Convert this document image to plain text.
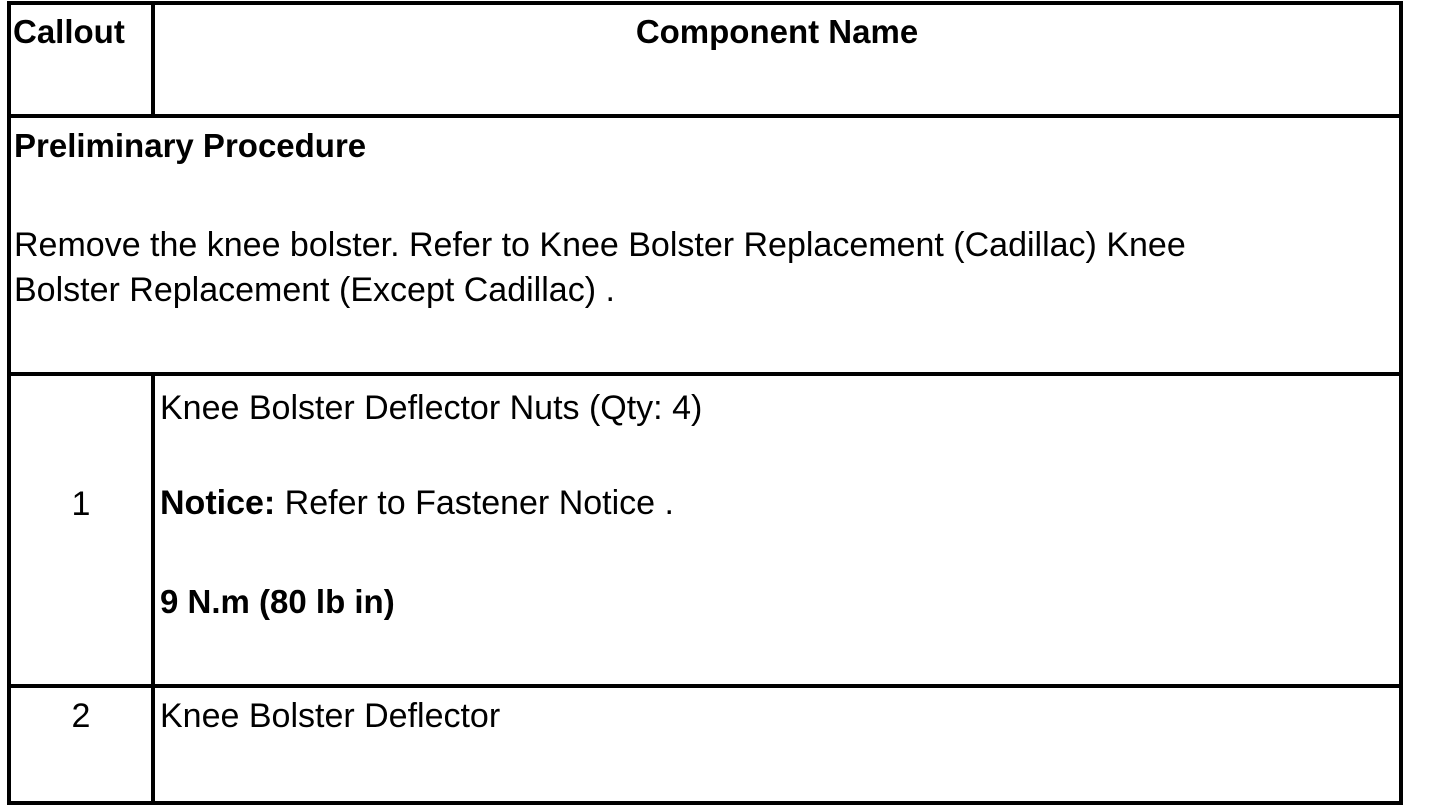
Callout	Component Name
Preliminary Procedure
Remove the knee bolster. Refer to Knee Bolster Replacement (Cadillac) Knee
Bolster Replacement (Except Cadillac) .
1
Knee Bolster Deflector Nuts (Qty: 4)
Notice: Refer to Fastener Notice .
9 N.m (80 lb in)
2	Knee Bolster Deflector
